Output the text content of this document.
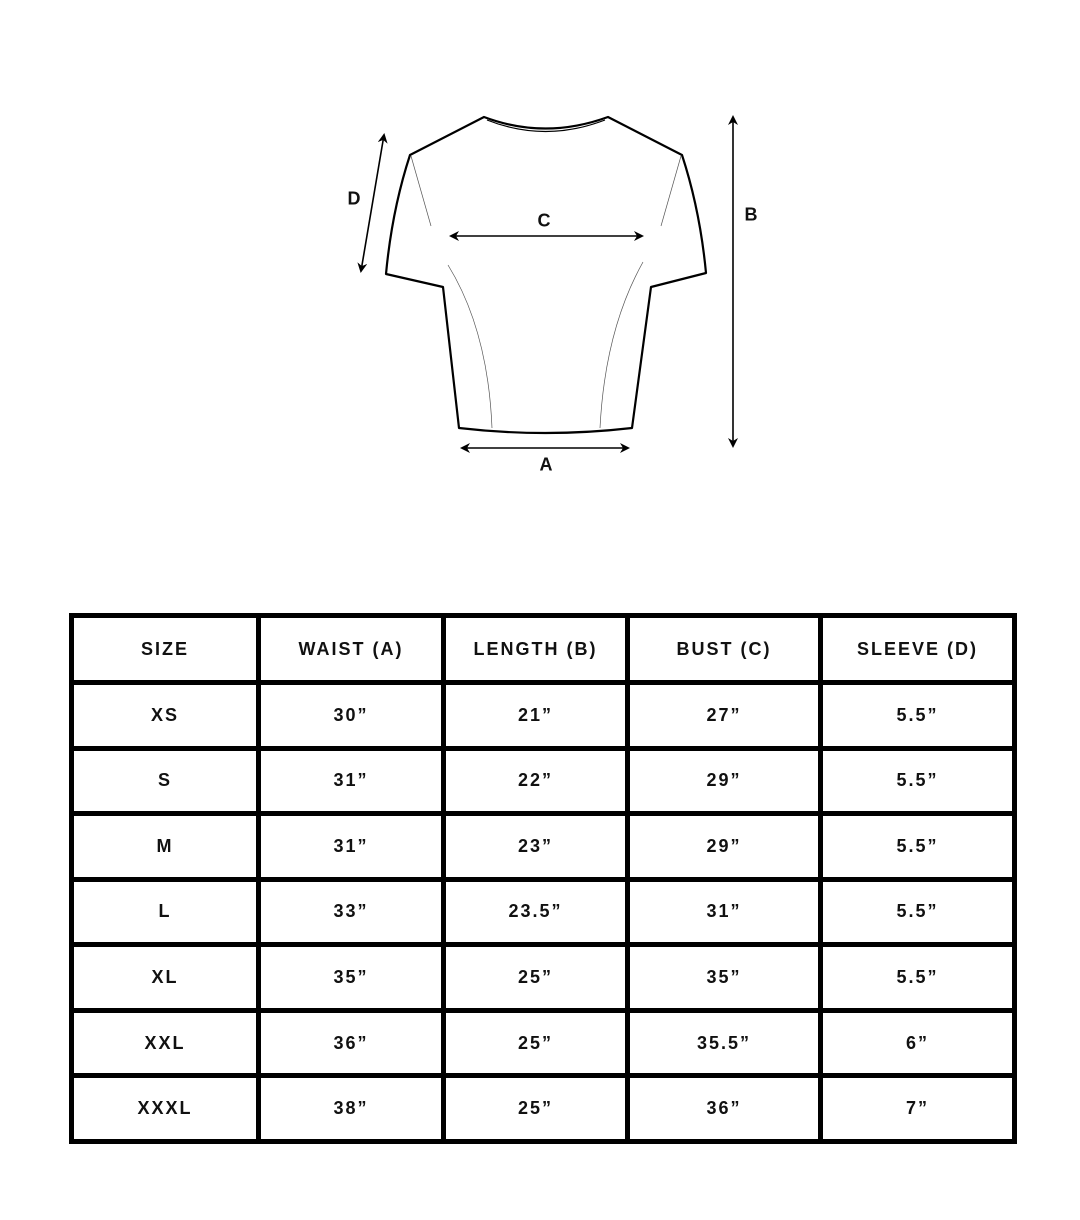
A
B
C
D
SIZE	WAIST (A)	LENGTH (B)	BUST (C)	SLEEVE (D)
XS	30”	21”	27”	5.5”
S	31”	22”	29”	5.5”
M	31”	23”	29”	5.5”
L	33”	23.5”	31”	5.5”
XL	35”	25”	35”	5.5”
XXL	36”	25”	35.5”	6”
XXXL	38”	25”	36”	7”
